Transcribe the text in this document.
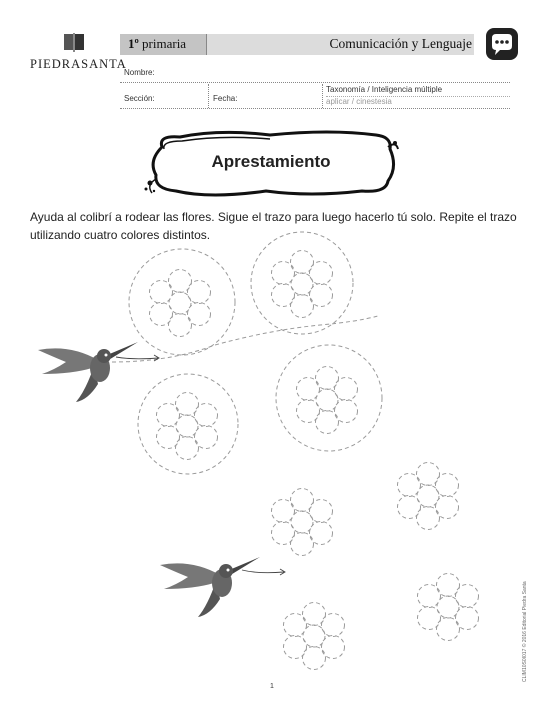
PIEDRASANTA
1º primaria	Comunicación y Lenguaje
Nombre:
Sección:	Fecha:
Taxonomía / Inteligencia múltiple
aplicar / cinestesia
Aprestamiento
Ayuda al colibrí a rodear las flores. Sigue el trazo para luego hacerlo tú solo. Repite el trazo utilizando cuatro colores distintos.
CLIM10S0I017 © 2016 Editorial Piedra Santa
1
